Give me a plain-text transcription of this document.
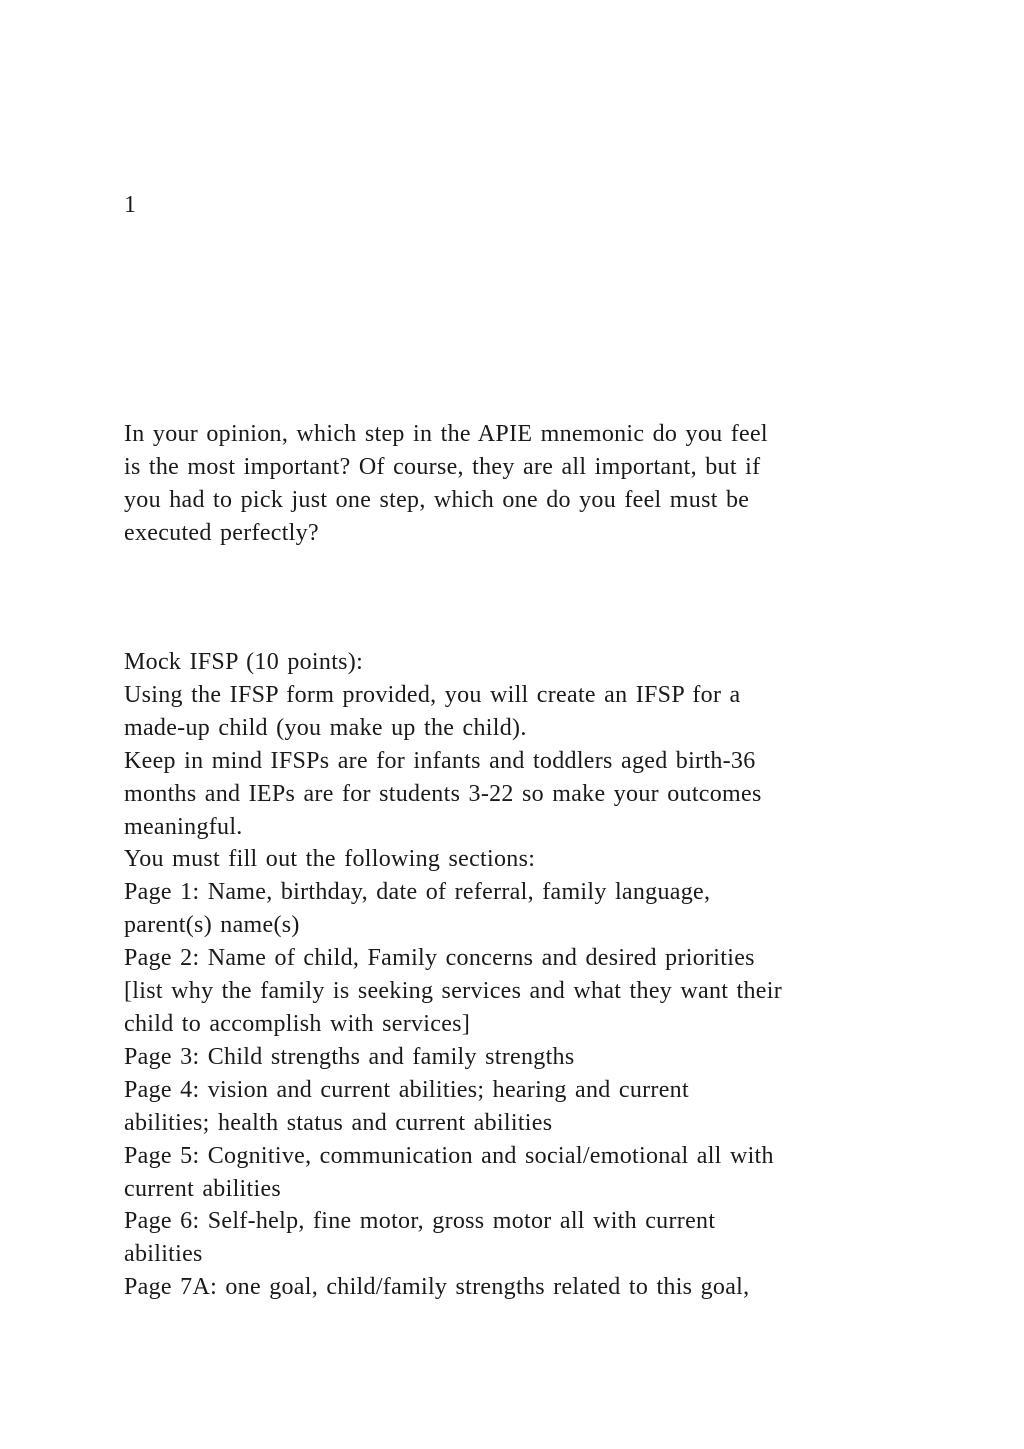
1

In your opinion, which step in the APIE mnemonic do you feel
is the most important? Of course, they are all important, but if
you had to pick just one step, which one do you feel must be
executed perfectly?

Mock IFSP (10 points):
Using the IFSP form provided, you will create an IFSP for a
made-up child (you make up the child).
Keep in mind IFSPs are for infants and toddlers aged birth-36
months and IEPs are for students 3-22 so make your outcomes
meaningful.
You must fill out the following sections:
Page 1: Name, birthday, date of referral, family language,
parent(s) name(s)
Page 2: Name of child, Family concerns and desired priorities
[list why the family is seeking services and what they want their
child to accomplish with services]
Page 3: Child strengths and family strengths
Page 4: vision and current abilities; hearing and current
abilities; health status and current abilities
Page 5: Cognitive, communication and social/emotional all with
current abilities
Page 6: Self-help, fine motor, gross motor all with current
abilities
Page 7A: one goal, child/family strengths related to this goal,
